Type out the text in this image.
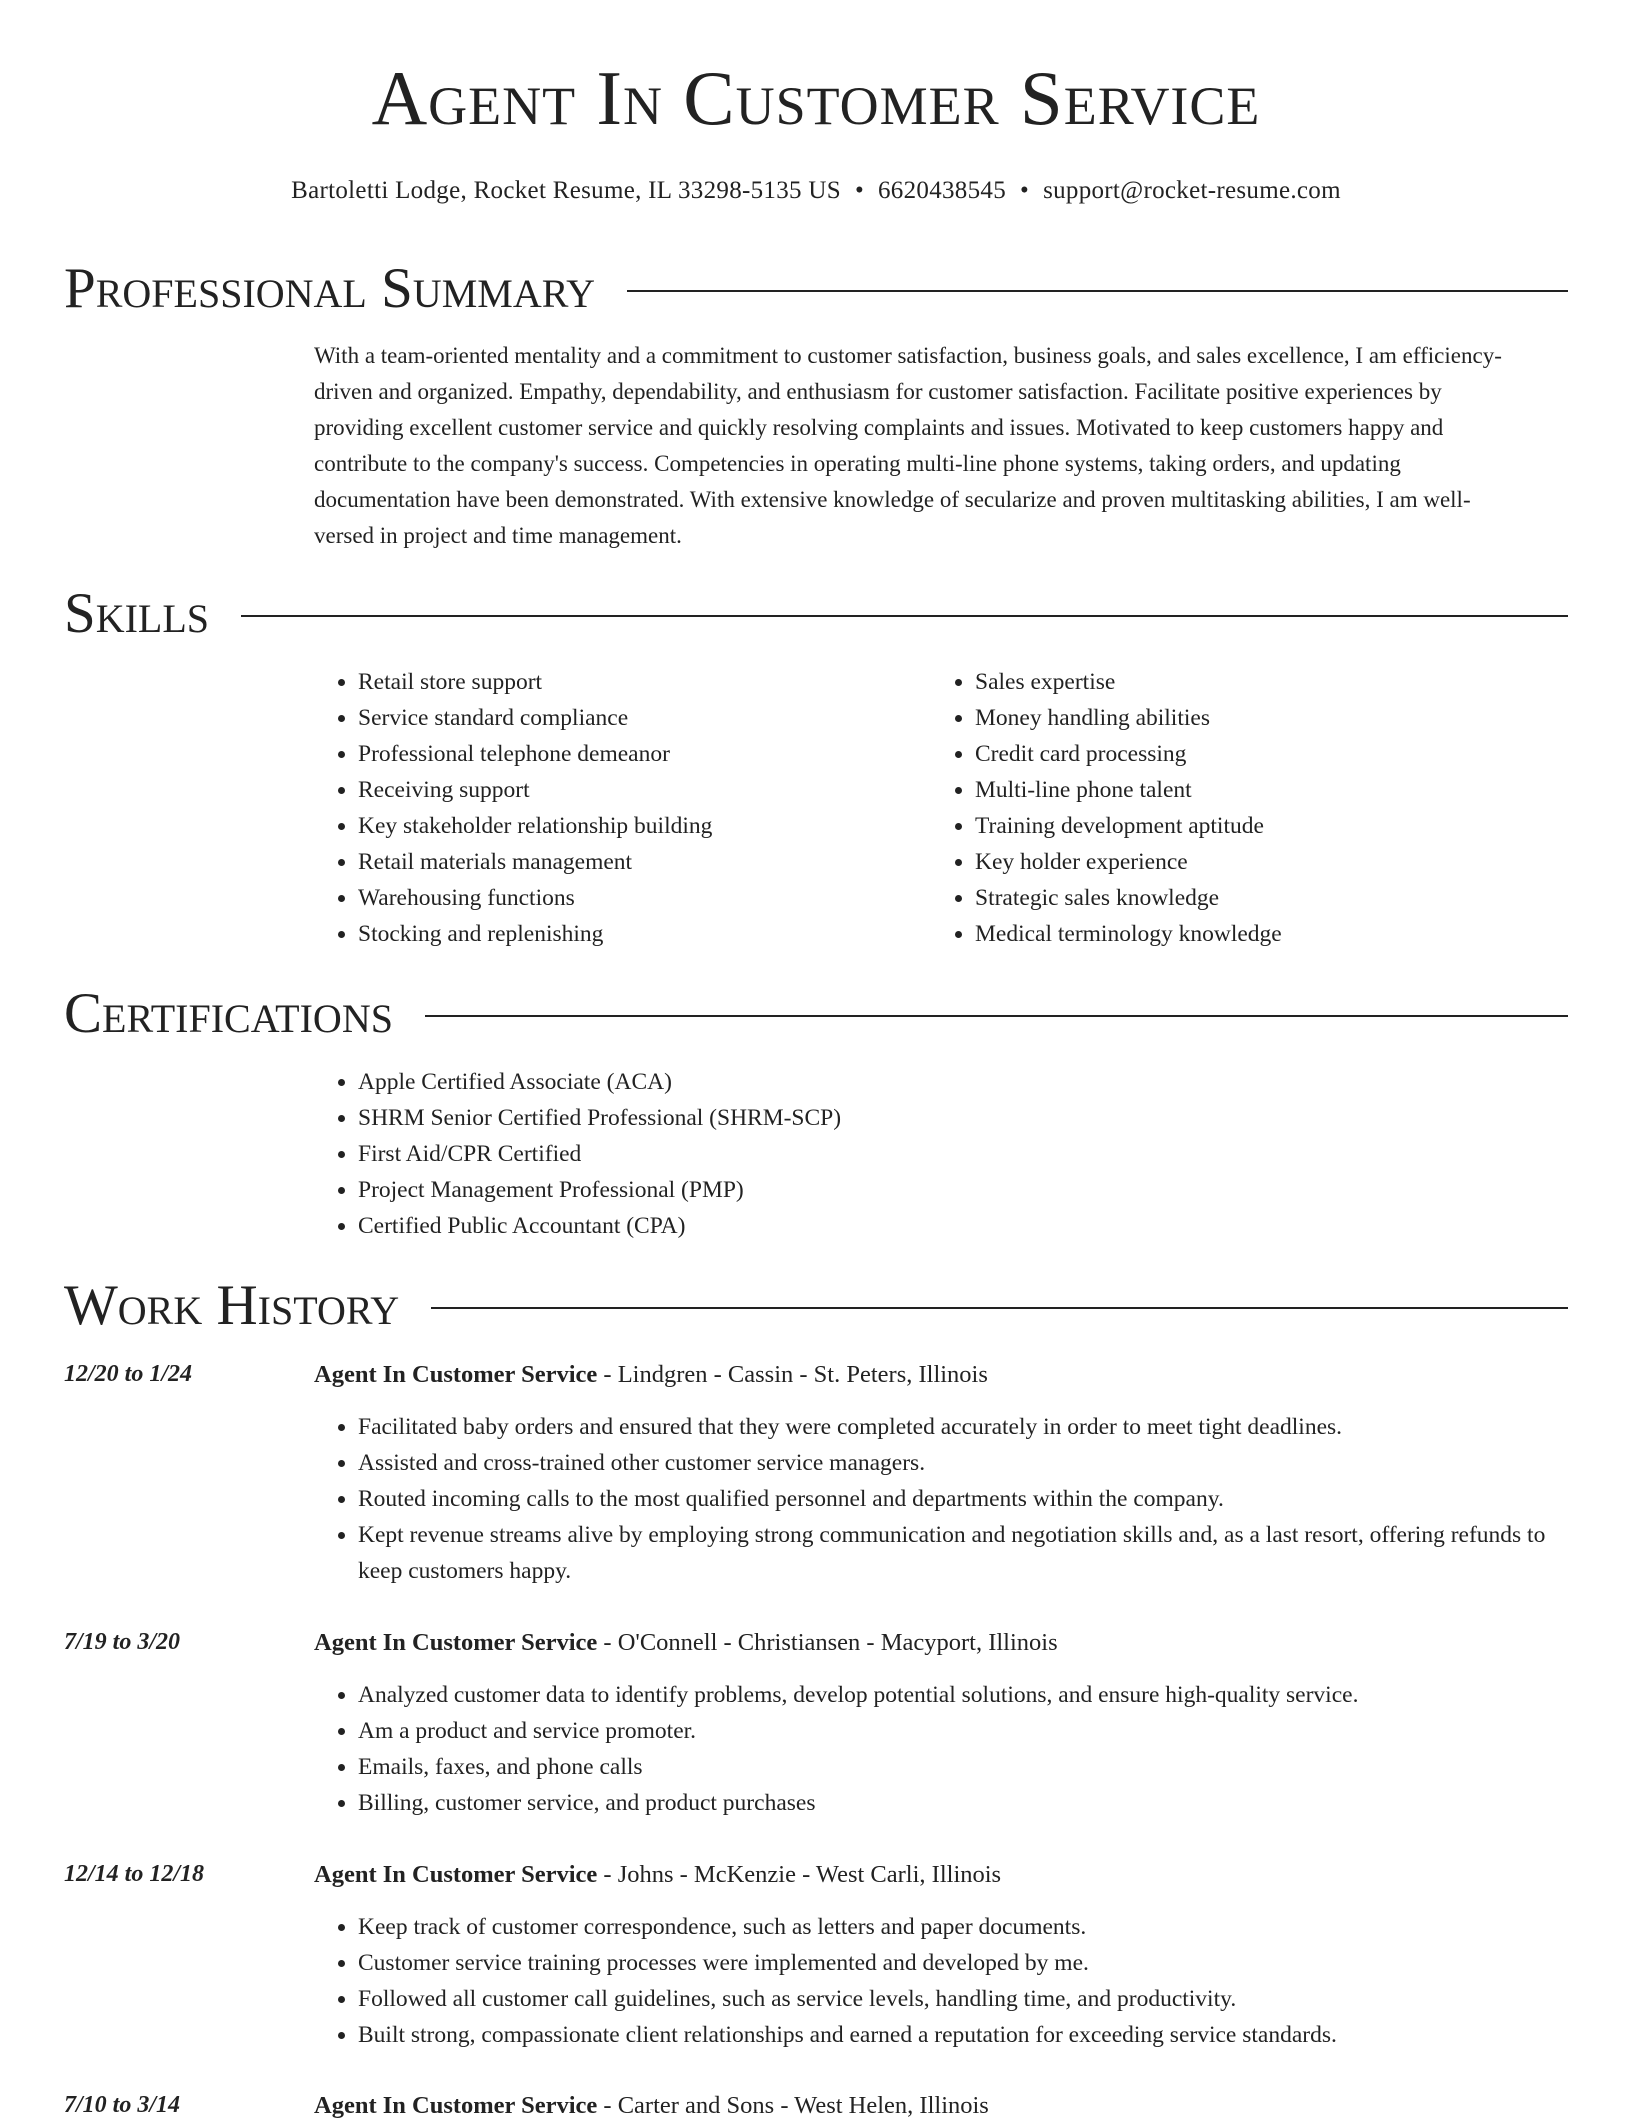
Agent In Customer Service
Bartoletti Lodge, Rocket Resume, IL 33298-5135 US • 6620438545 • support@rocket-resume.com
Professional Summary

With a team-oriented mentality and a commitment to customer satisfaction, business goals, and sales excellence, I am efficiency-driven and organized. Empathy, dependability, and enthusiasm for customer satisfaction. Facilitate positive experiences by providing excellent customer service and quickly resolving complaints and issues. Motivated to keep customers happy and contribute to the company's success. Competencies in operating multi-line phone systems, taking orders, and updating documentation have been demonstrated. With extensive knowledge of secularize and proven multitasking abilities, I am well-versed in project and time management.

Skills
• Retail store support
• Service standard compliance
• Professional telephone demeanor
• Receiving support
• Key stakeholder relationship building
• Retail materials management
• Warehousing functions
• Stocking and replenishing
• Sales expertise
• Money handling abilities
• Credit card processing
• Multi-line phone talent
• Training development aptitude
• Key holder experience
• Strategic sales knowledge
• Medical terminology knowledge
Certifications
• Apple Certified Associate (ACA)
• SHRM Senior Certified Professional (SHRM-SCP)
• First Aid/CPR Certified
• Project Management Professional (PMP)
• Certified Public Accountant (CPA)
Work History
12/20 to 1/24	Agent In Customer Service - Lindgren - Cassin - St. Peters, Illinois
• Facilitated baby orders and ensured that they were completed accurately in order to meet tight deadlines.
• Assisted and cross-trained other customer service managers.
• Routed incoming calls to the most qualified personnel and departments within the company.
• Kept revenue streams alive by employing strong communication and negotiation skills and, as a last resort, offering refunds to keep customers happy.
7/19 to 3/20	Agent In Customer Service - O'Connell - Christiansen - Macyport, Illinois
• Analyzed customer data to identify problems, develop potential solutions, and ensure high-quality service.
• Am a product and service promoter.
• Emails, faxes, and phone calls
• Billing, customer service, and product purchases
12/14 to 12/18	Agent In Customer Service - Johns - McKenzie - West Carli, Illinois
• Keep track of customer correspondence, such as letters and paper documents.
• Customer service training processes were implemented and developed by me.
• Followed all customer call guidelines, such as service levels, handling time, and productivity.
• Built strong, compassionate client relationships and earned a reputation for exceeding service standards.
7/10 to 3/14	Agent In Customer Service - Carter and Sons - West Helen, Illinois
